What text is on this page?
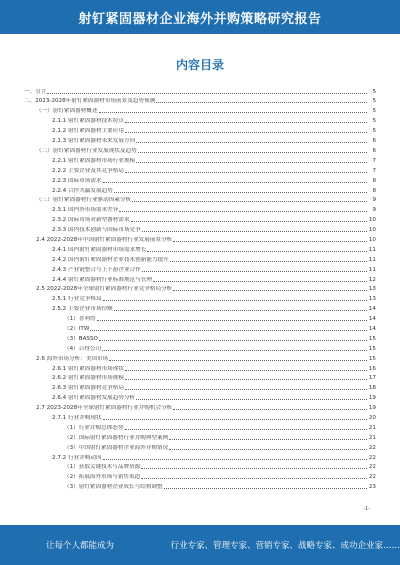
射钉紧固器材企业海外并购策略研究报告
内容目录
一、引言	5
二、2023-2028年射钉紧固器材市场前景及趋势预测	5
（一）射钉紧固器材概述	5
2.1.1 射钉紧固器材技术特点	5
2.1.2 射钉紧固器材主要应用	5
2.1.3 射钉紧固器材未来发展方向	6
（二）射钉紧固器材行业发展现状及趋势	6
2.2.1 射钉紧固器材市场行业规模	7
2.2.2 主要企业及其竞争格局	7
2.2.3 国际市场需求	8
2.2.4 合作共赢发展趋势	8
（三）射钉紧固器材行业驱动因素分析	9
2.3.1 国内外市场需求差异	9
2.3.2 国际市场对新型器材需求	10
2.3.3 国内技术创新与国际市场竞争	10
2.4 2022-2028年中国射钉紧固器材行业发展前景分析	10
2.4.1 国内射钉紧固器材市场需求增长	11
2.4.2 国内射钉紧固器材企业技术创新能力提升	11
2.4.3 产业链整合与上下游企业合作	11
2.4.4 射钉紧固器材行业标准规范与管理	12
2.5 2022-2028年全球射钉紧固器材行业竞争格局分析	13
2.5.1 行业竞争格局	13
2.5.2 主要企业市场份额	14
（1）喜利得	14
（2）ITW	14
（3）BASSO	15
（4）百得公司	15
2.6 海外市场分析：美国市场	15
2.6.1 射钉紧固器材市场现状	16
2.6.2 射钉紧固器材市场规模	17
2.6.3 射钉紧固器材竞争格局	18
2.6.4 射钉紧固器材发展趋势分析	19
2.7 2023-2028年全球射钉紧固器材行业并购机会分析	19
2.7.1 行业并购现状	20
（1）行业并购总体态势	21
（2）国际射钉紧固器材行业并购典型案例	21
（3）中国射钉紧固器材企业海外并购情况	22
2.7.2 行业并购动因	22
（1）获取关键技术与品牌资源	22
（2）拓展海外市场与销售渠道	22
（3）射钉紧固器材企业成长与结构调整	23
-1-
让每个人都能成为	行业专家、管理专家、营销专家、战略专家、成功企业家……
